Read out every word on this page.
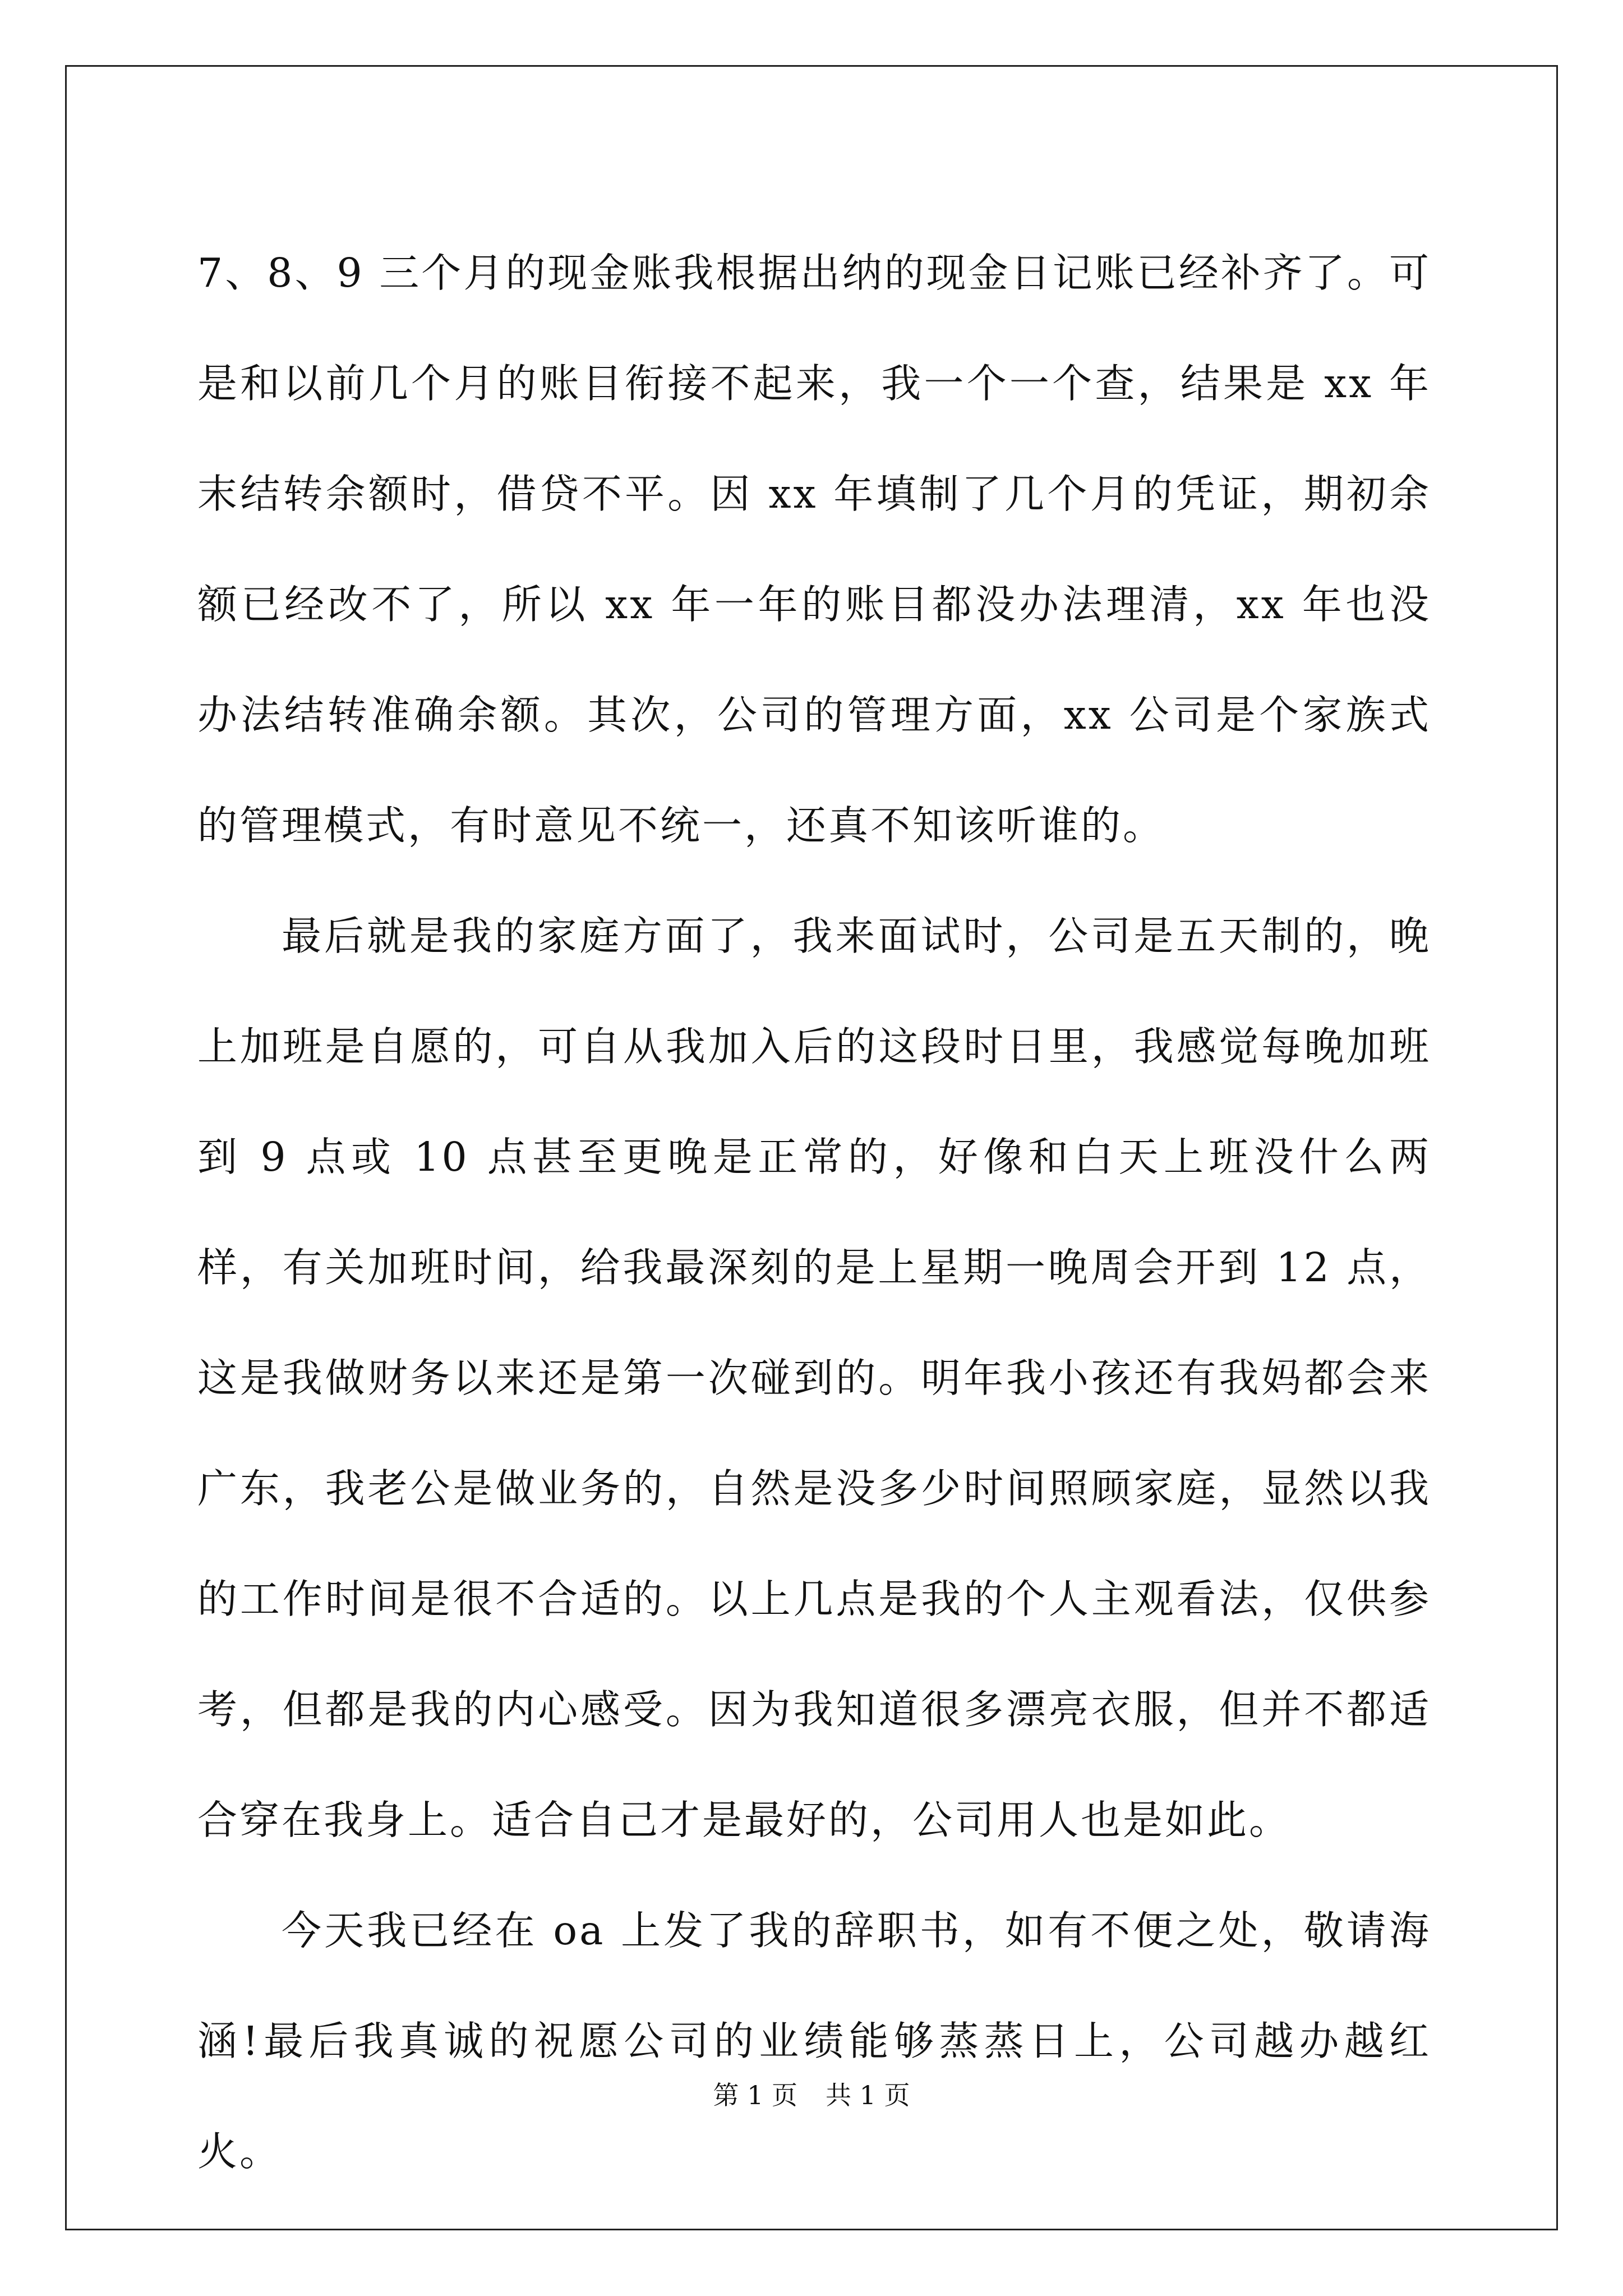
7、8、9 三个月的现金账我根据出纳的现金日记账已经补齐了。可是和以前几个月的账目衔接不起来，我一个一个查，结果是 xx 年末结转余额时，借贷不平。因 xx 年填制了几个月的凭证，期初余额已经改不了，所以 xx 年一年的账目都没办法理清，xx 年也没办法结转准确余额。其次，公司的管理方面，xx 公司是个家族式的管理模式，有时意见不统一，还真不知该听谁的。

最后就是我的家庭方面了，我来面试时，公司是五天制的，晚上加班是自愿的，可自从我加入后的这段时日里，我感觉每晚加班到 9 点或 10 点甚至更晚是正常的，好像和白天上班没什么两样，有关加班时间，给我最深刻的是上星期一晚周会开到 12 点，这是我做财务以来还是第一次碰到的。明年我小孩还有我妈都会来广东，我老公是做业务的，自然是没多少时间照顾家庭，显然以我的工作时间是很不合适的。以上几点是我的个人主观看法，仅供参考，但都是我的内心感受。因为我知道很多漂亮衣服，但并不都适合穿在我身上。适合自己才是最好的，公司用人也是如此。

今天我已经在 oa 上发了我的辞职书，如有不便之处，敬请海涵!最后我真诚的祝愿公司的业绩能够蒸蒸日上，公司越办越红火。

第 1 页 共 1 页
